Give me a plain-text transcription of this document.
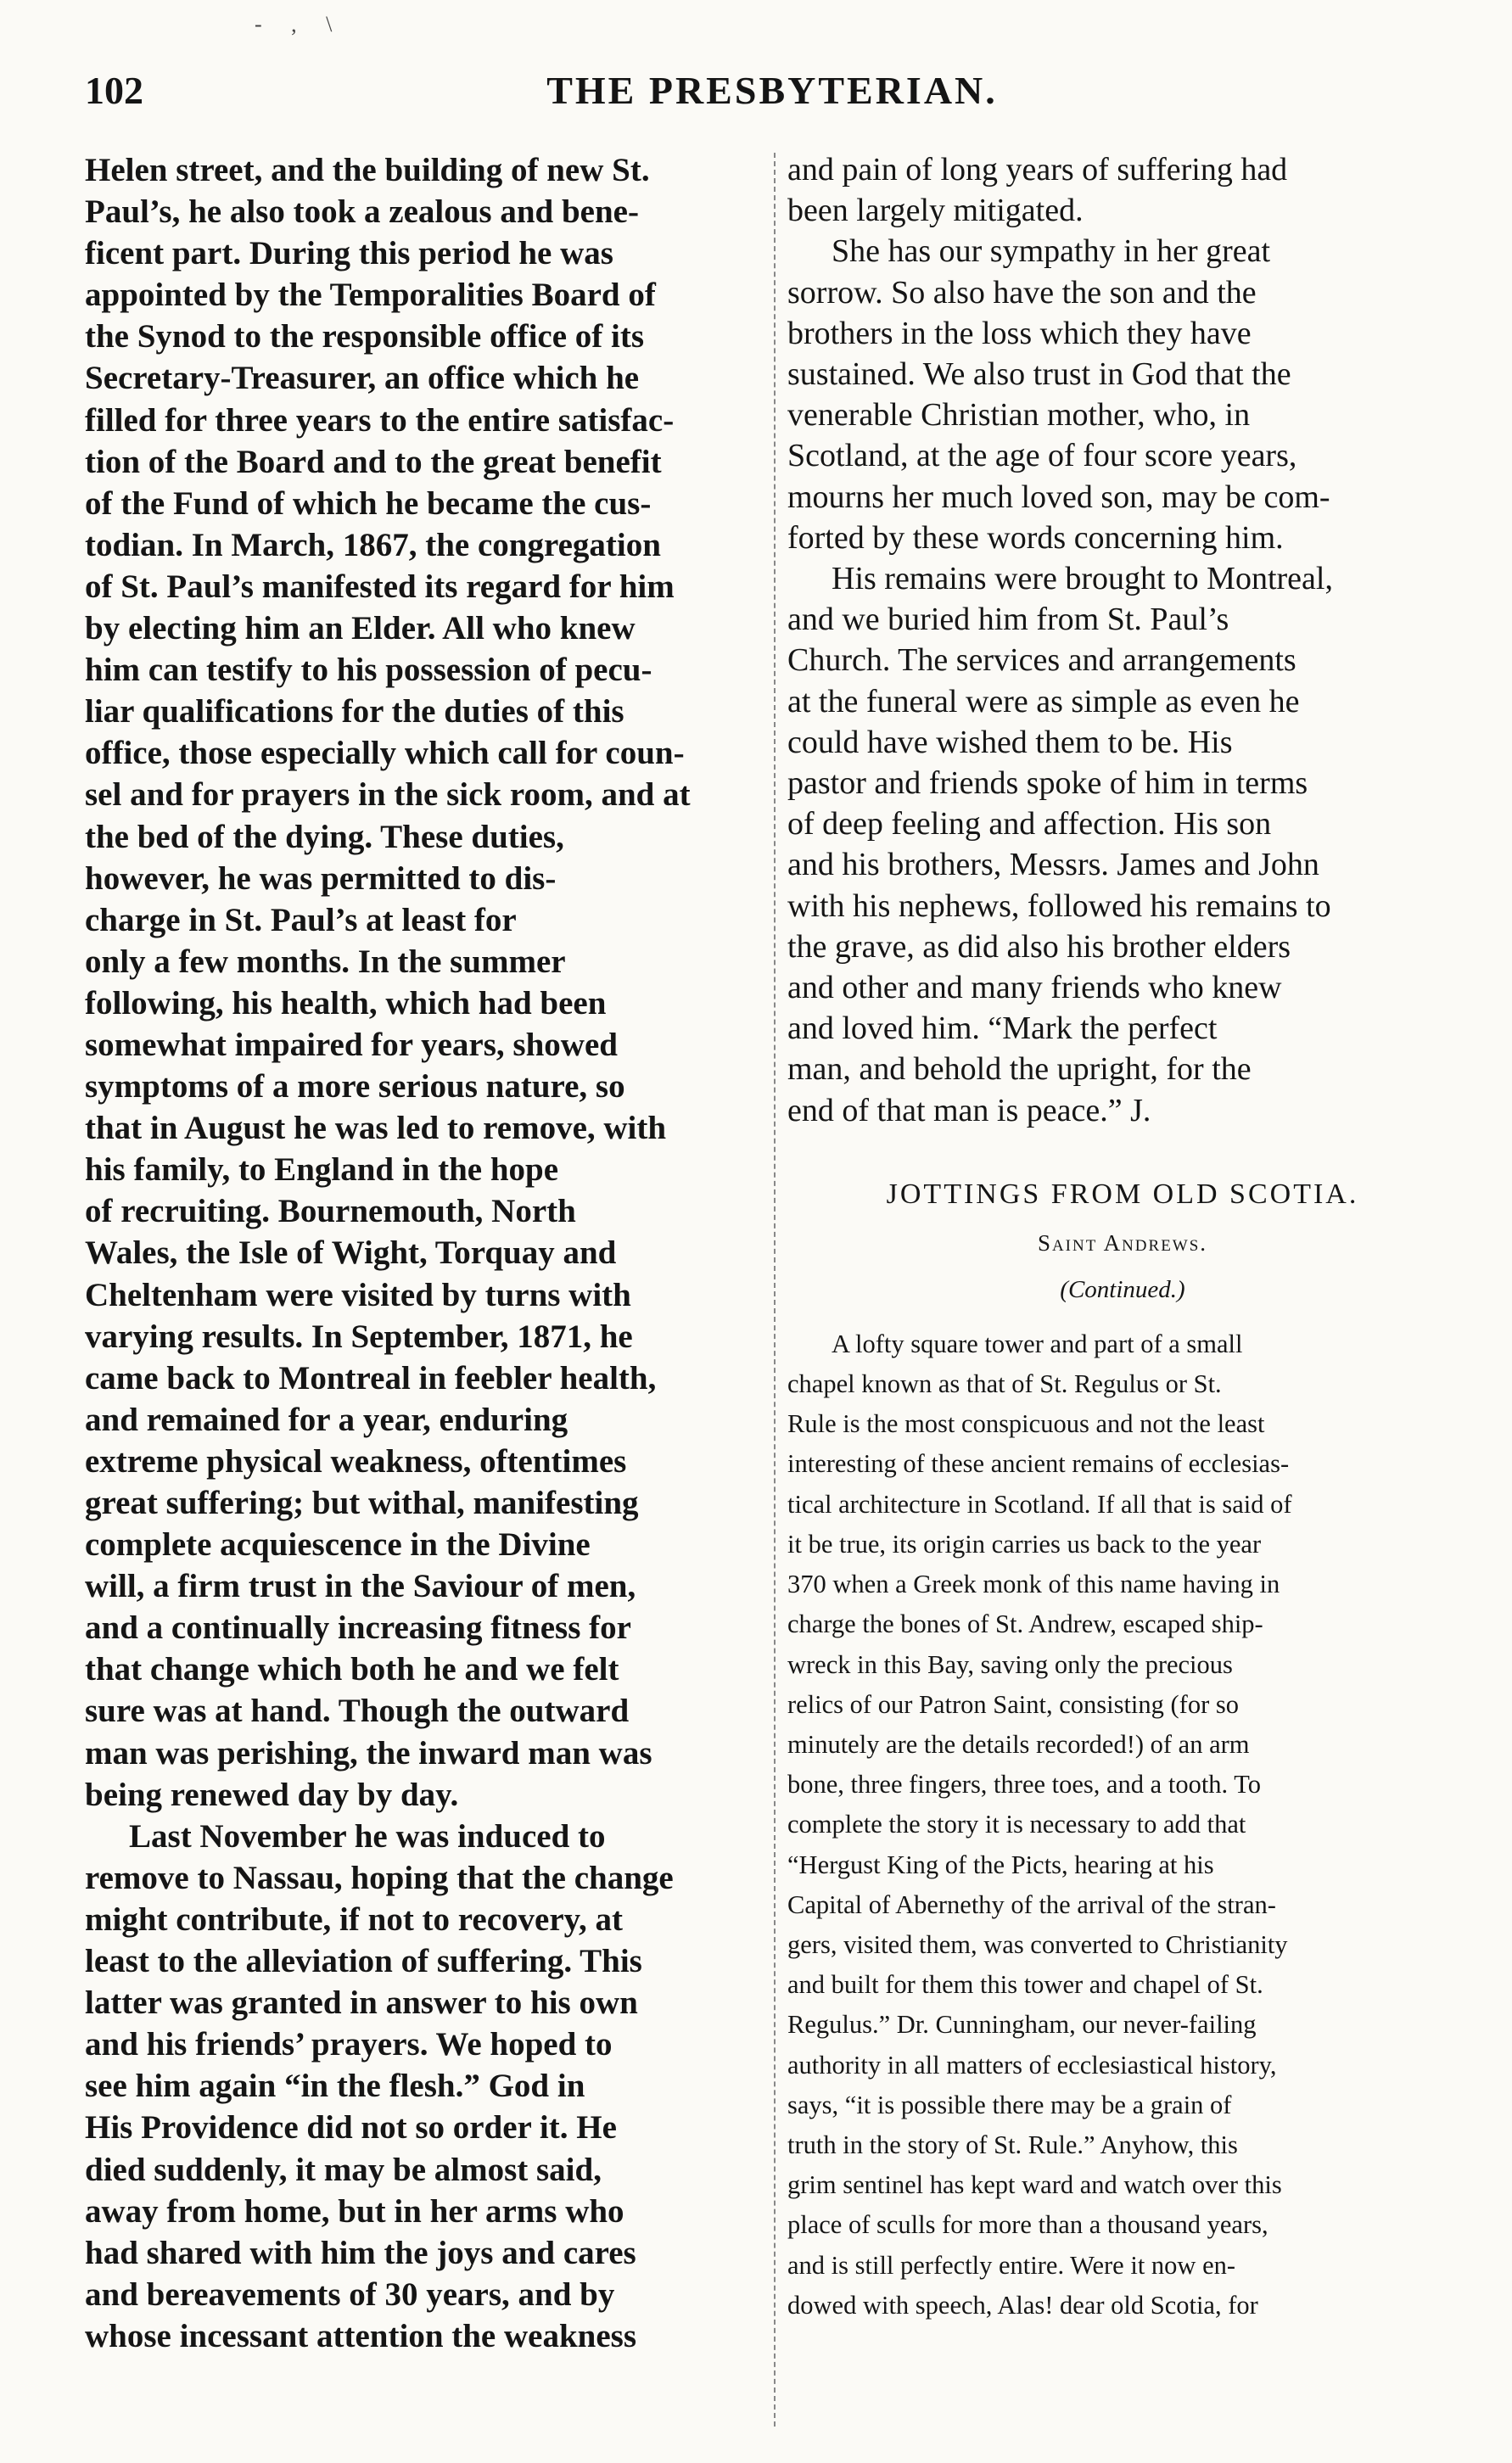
- , \
102	THE PRESBYTERIAN.
Helen street, and the building of new St.
Paul’s, he also took a zealous and bene-
ficent part. During this period he was
appointed by the Temporalities Board of
the Synod to the responsible office of its
Secretary-Treasurer, an office which he
filled for three years to the entire satisfac-
tion of the Board and to the great benefit
of the Fund of which he became the cus-
todian. In March, 1867, the congregation
of St. Paul’s manifested its regard for him
by electing him an Elder. All who knew
him can testify to his possession of pecu-
liar qualifications for the duties of this
office, those especially which call for coun-
sel and for prayers in the sick room, and at
the bed of the dying. These duties,
however, he was permitted to dis-
charge in St. Paul’s at least for
only a few months. In the summer
following, his health, which had been
somewhat impaired for years, showed
symptoms of a more serious nature, so
that in August he was led to remove, with
his family, to England in the hope
of recruiting. Bournemouth, North
Wales, the Isle of Wight, Torquay and
Cheltenham were visited by turns with
varying results. In September, 1871, he
came back to Montreal in feebler health,
and remained for a year, enduring
extreme physical weakness, oftentimes
great suffering; but withal, manifesting
complete acquiescence in the Divine
will, a firm trust in the Saviour of men,
and a continually increasing fitness for
that change which both he and we felt
sure was at hand. Though the outward
man was perishing, the inward man was
being renewed day by day.
Last November he was induced to
remove to Nassau, hoping that the change
might contribute, if not to recovery, at
least to the alleviation of suffering. This
latter was granted in answer to his own
and his friends’ prayers. We hoped to
see him again “in the flesh.” God in
His Providence did not so order it. He
died suddenly, it may be almost said,
away from home, but in her arms who
had shared with him the joys and cares
and bereavements of 30 years, and by
whose incessant attention the weakness
and pain of long years of suffering had
been largely mitigated.
She has our sympathy in her great
sorrow. So also have the son and the
brothers in the loss which they have
sustained. We also trust in God that the
venerable Christian mother, who, in
Scotland, at the age of four score years,
mourns her much loved son, may be com-
forted by these words concerning him.
His remains were brought to Montreal,
and we buried him from St. Paul’s
Church. The services and arrangements
at the funeral were as simple as even he
could have wished them to be. His
pastor and friends spoke of him in terms
of deep feeling and affection. His son
and his brothers, Messrs. James and John
with his nephews, followed his remains to
the grave, as did also his brother elders
and other and many friends who knew
and loved him. “Mark the perfect
man, and behold the upright, for the
end of that man is peace.” J.
JOTTINGS FROM OLD SCOTIA.
Saint Andrews.
(Continued.)
A lofty square tower and part of a small
chapel known as that of St. Regulus or St.
Rule is the most conspicuous and not the least
interesting of these ancient remains of ecclesias-
tical architecture in Scotland. If all that is said of
it be true, its origin carries us back to the year
370 when a Greek monk of this name having in
charge the bones of St. Andrew, escaped ship-
wreck in this Bay, saving only the precious
relics of our Patron Saint, consisting (for so
minutely are the details recorded!) of an arm
bone, three fingers, three toes, and a tooth. To
complete the story it is necessary to add that
“Hergust King of the Picts, hearing at his
Capital of Abernethy of the arrival of the stran-
gers, visited them, was converted to Christianity
and built for them this tower and chapel of St.
Regulus.” Dr. Cunningham, our never-failing
authority in all matters of ecclesiastical history,
says, “it is possible there may be a grain of
truth in the story of St. Rule.” Anyhow, this
grim sentinel has kept ward and watch over this
place of sculls for more than a thousand years,
and is still perfectly entire. Were it now en-
dowed with speech, Alas! dear old Scotia, for
